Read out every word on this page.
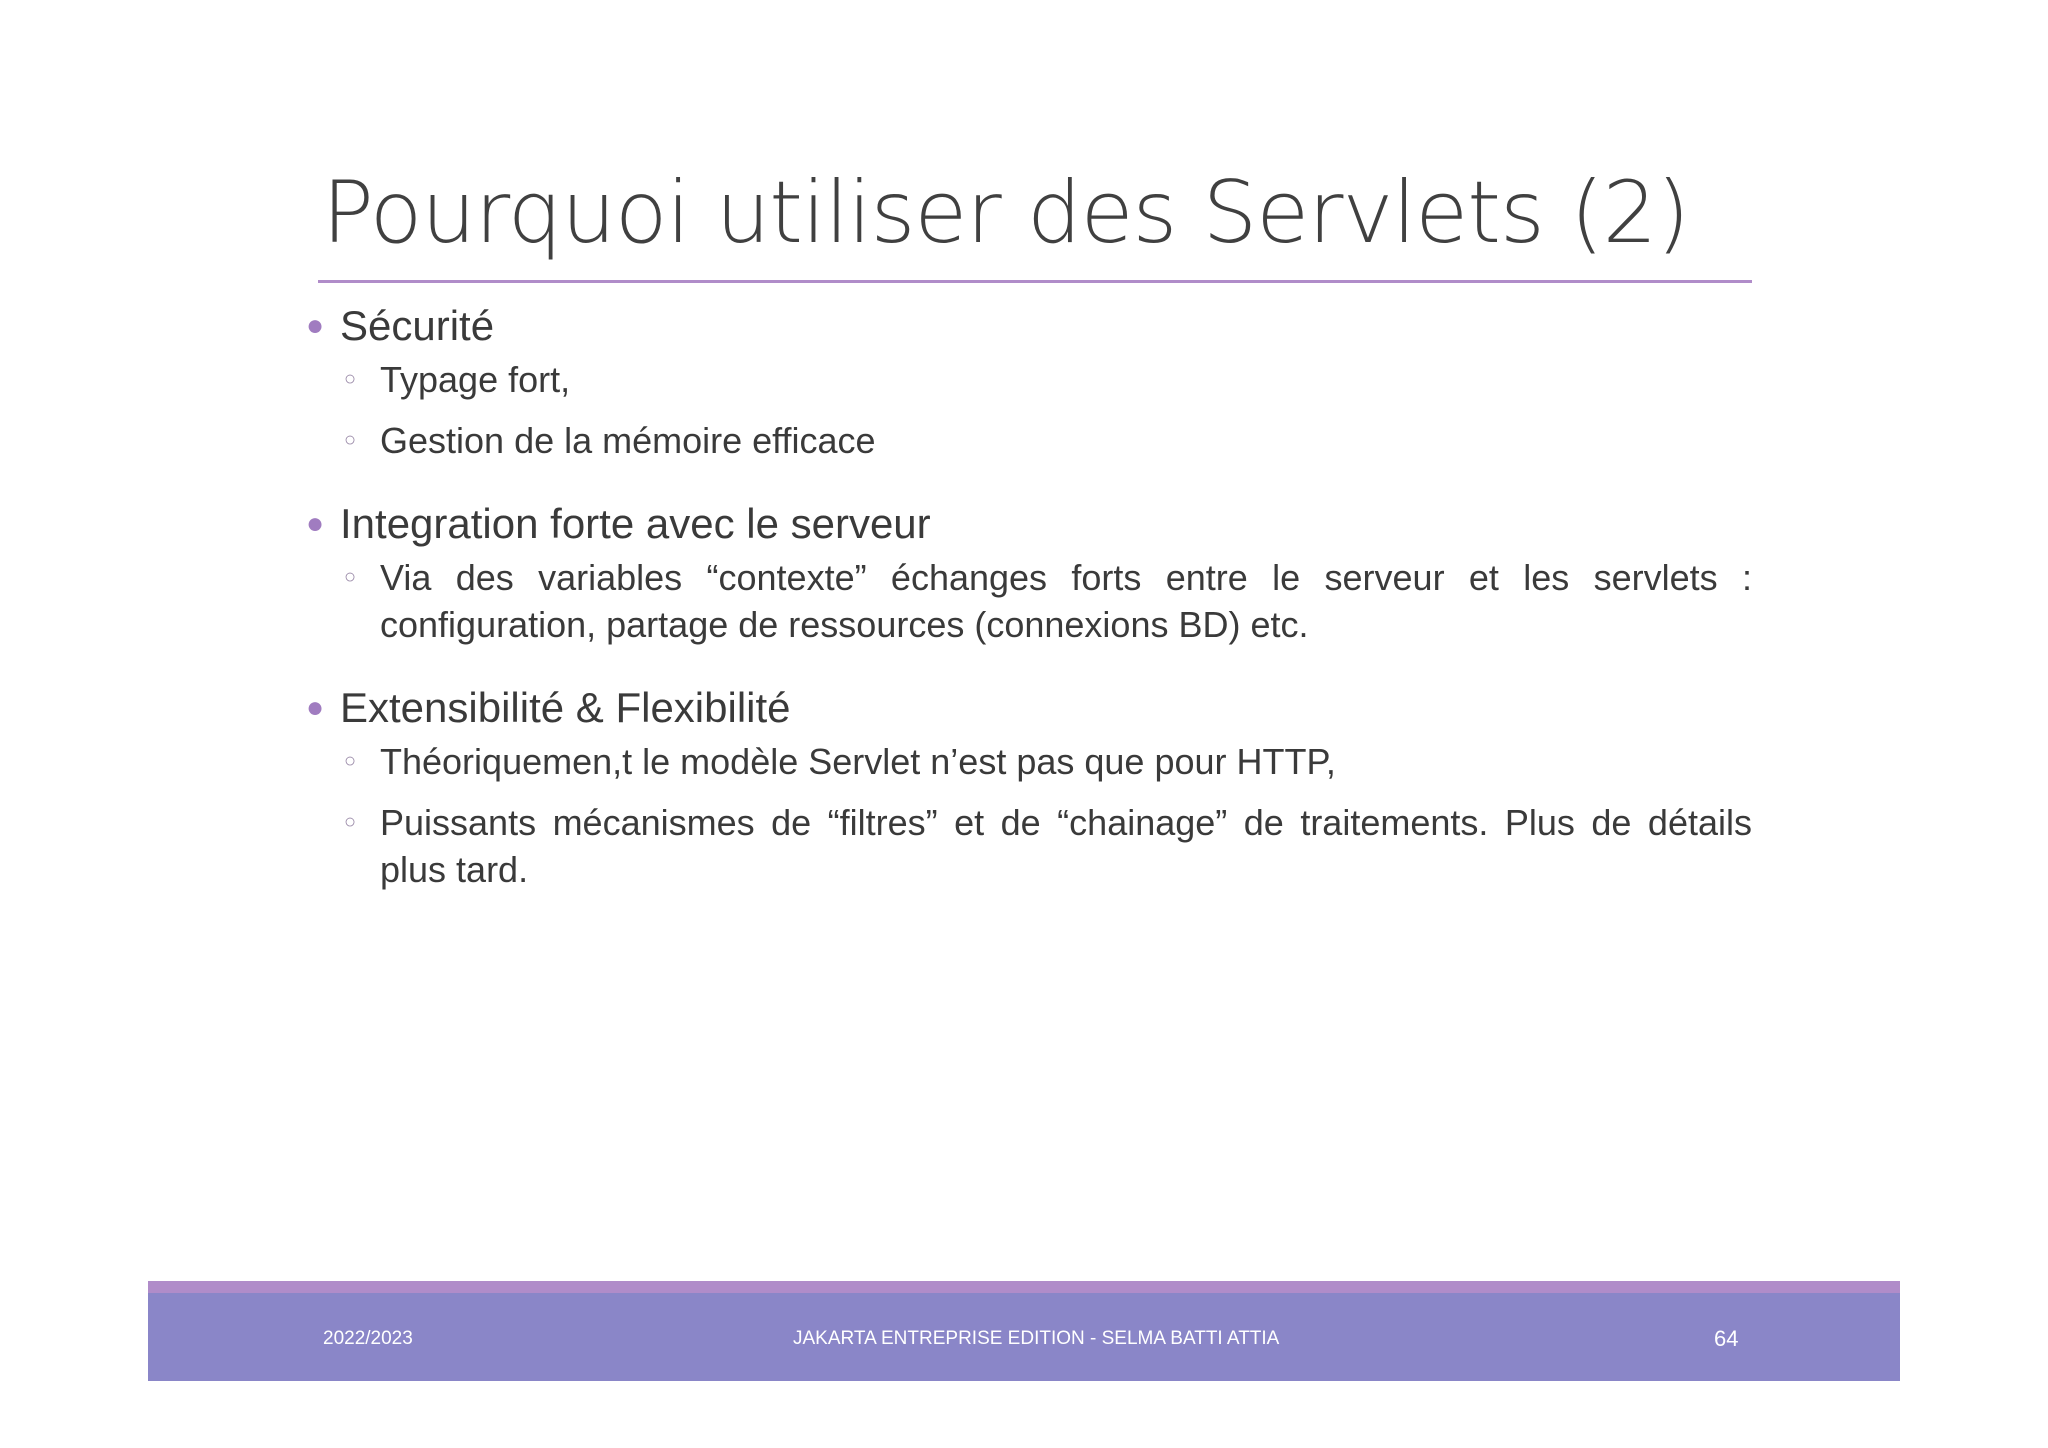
Pourquoi utiliser des Servlets (2)
● Sécurité
○ Typage fort,
○ Gestion de la mémoire efficace
● Integration forte avec le serveur
○ Via des variables “contexte” échanges forts entre le serveur et les servlets : configuration, partage de ressources (connexions BD) etc.
● Extensibilité & Flexibilité
○ Théoriquemen,t le modèle Servlet n’est pas que pour HTTP,
○ Puissants mécanismes de “filtres” et de “chainage” de traitements. Plus de détails plus tard.
2022/2023	JAKARTA ENTREPRISE EDITION - SELMA BATTI ATTIA	64
